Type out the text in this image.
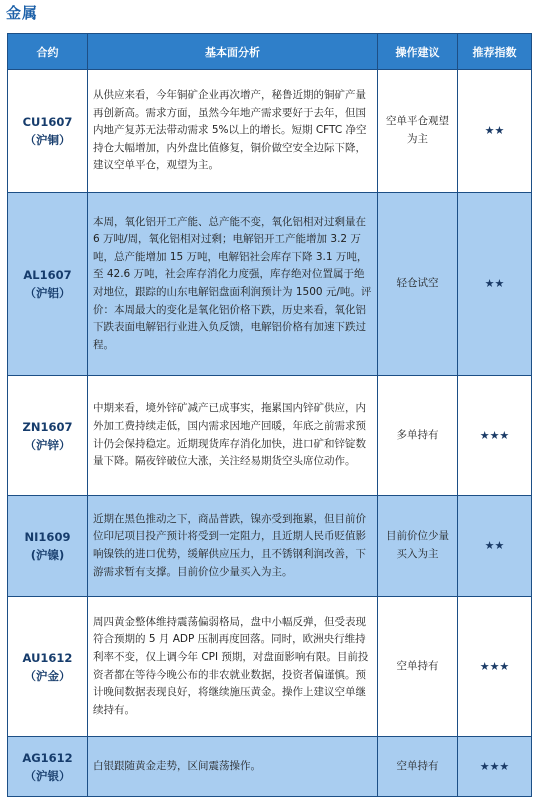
金属
合约	基本面分析	操作建议	推荐指数

CU1607
（沪铜）	从供应来看，今年铜矿企业再次增产，秘鲁近期的铜矿产量再创新高。需求方面，虽然今年地产需求要好于去年，但国内地产复苏无法带动需求 5%以上的增长。短期 CFTC 净空持仓大幅增加，内外盘比值修复，铜价做空安全边际下降，建议空单平仓，观望为主。	空单平仓观望为主	★★

AL1607
（沪铝）	本周，氧化铝开工产能、总产能不变，氧化铝相对过剩量在 6 万吨/周，氧化铝相对过剩；电解铝开工产能增加 3.2 万吨，总产能增加 15 万吨，电解铝社会库存下降 3.1 万吨，至 42.6 万吨，社会库存消化力度强，库存绝对位置属于绝对地位，跟踪的山东电解铝盘面利润预计为 1500 元/吨。评价：本周最大的变化是氧化铝价格下跌，历史来看，氧化铝下跌表面电解铝行业进入负反馈，电解铝价格有加速下跌过程。	轻仓试空	★★

ZN1607
（沪锌）	中期来看，境外锌矿减产已成事实，拖累国内锌矿供应，内外加工费持续走低，国内需求因地产回暖，年底之前需求预计仍会保持稳定。近期现货库存消化加快，进口矿和锌锭数量下降。隔夜锌破位大涨，关注经易期货空头席位动作。	多单持有	★★★

NI1609
(沪镍)	近期在黑色推动之下，商品普跌，镍亦受到拖累，但目前价位印尼项目投产预计将受到一定阻力，且近期人民币贬值影响镍铁的进口优势，缓解供应压力，且不锈钢利润改善，下游需求暂有支撑。目前价位少量买入为主。	目前价位少量买入为主	★★

AU1612
（沪金）	周四黄金整体维持震荡偏弱格局，盘中小幅反弹，但受表现符合预期的 5 月 ADP 压制再度回落。同时，欧洲央行维持利率不变，仅上调今年 CPI 预期，对盘面影响有限。目前投资者都在等待今晚公布的非农就业数据，投资者偏谨慎。预计晚间数据表现良好，将继续施压黄金。操作上建议空单继续持有。	空单持有	★★★

AG1612
（沪银）	白银跟随黄金走势，区间震荡操作。	空单持有	★★★
